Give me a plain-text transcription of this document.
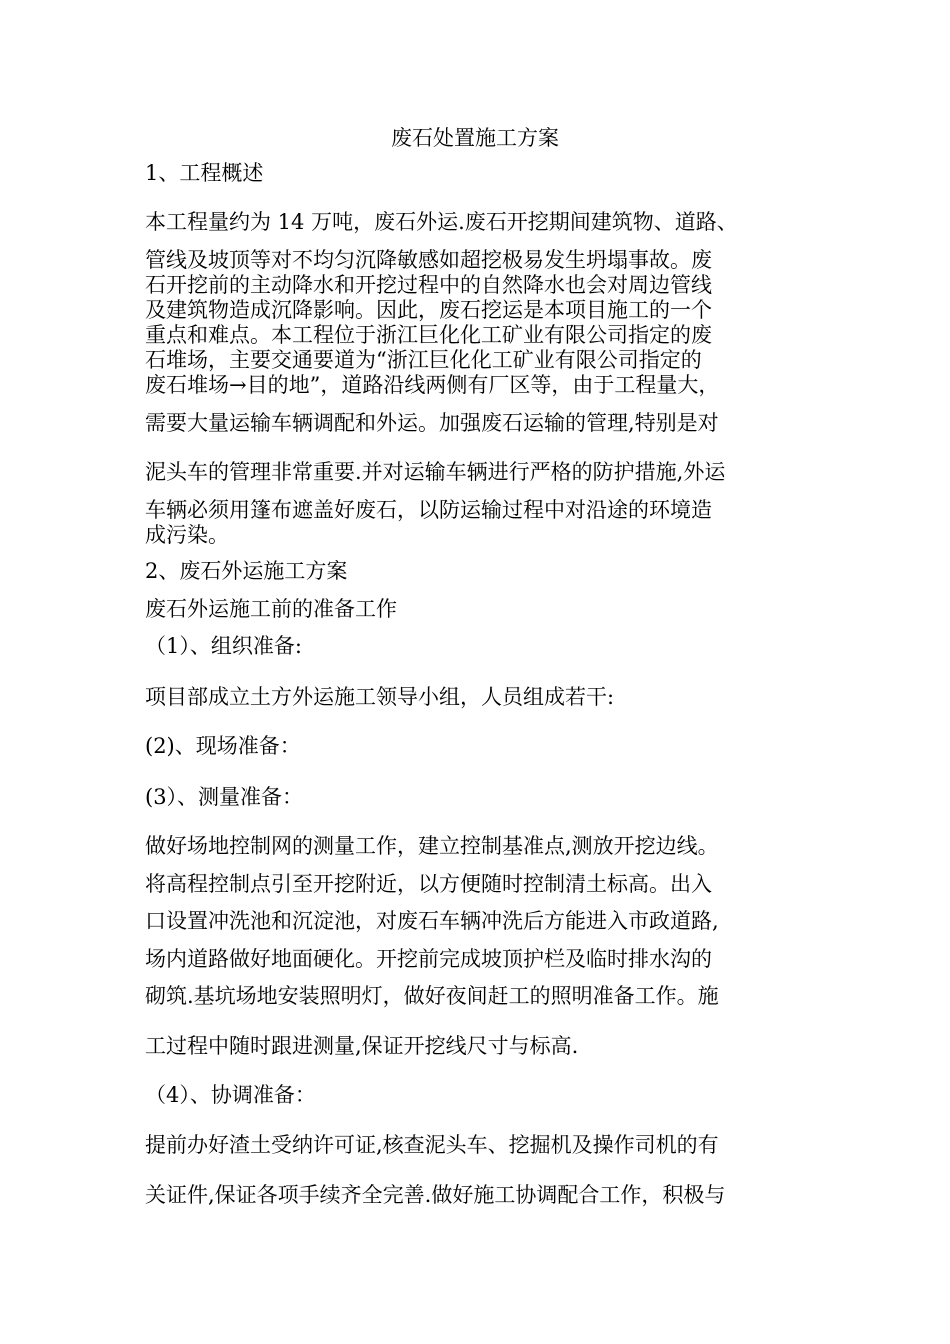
废石处置施工方案
1、工程概述
本工程量约为 14 万吨，废石外运.废石开挖期间建筑物、道路、
管线及坡顶等对不均匀沉降敏感如超挖极易发生坍塌事故。废
石开挖前的主动降水和开挖过程中的自然降水也会对周边管线
及建筑物造成沉降影响。因此，废石挖运是本项目施工的一个
重点和难点。本工程位于浙江巨化化工矿业有限公司指定的废
石堆场，主要交通要道为“浙江巨化化工矿业有限公司指定的
废石堆场→目的地”，道路沿线两侧有厂区等，由于工程量大，
需要大量运输车辆调配和外运。加强废石运输的管理,特别是对
泥头车的管理非常重要.并对运输车辆进行严格的防护措施,外运
车辆必须用篷布遮盖好废石，以防运输过程中对沿途的环境造
成污染。
2、废石外运施工方案
废石外运施工前的准备工作
（1）、组织准备:
项目部成立土方外运施工领导小组，人员组成若干:
(2)、现场准备：
(3）、测量准备：
做好场地控制网的测量工作，建立控制基准点,测放开挖边线。
将高程控制点引至开挖附近，以方便随时控制清土标高。出入
口设置冲洗池和沉淀池，对废石车辆冲洗后方能进入市政道路,
场内道路做好地面硬化。开挖前完成坡顶护栏及临时排水沟的
砌筑.基坑场地安装照明灯，做好夜间赶工的照明准备工作。施
工过程中随时跟进测量,保证开挖线尺寸与标高.
（4）、协调准备：
提前办好渣土受纳许可证,核查泥头车、挖掘机及操作司机的有
关证件,保证各项手续齐全完善.做好施工协调配合工作，积极与
